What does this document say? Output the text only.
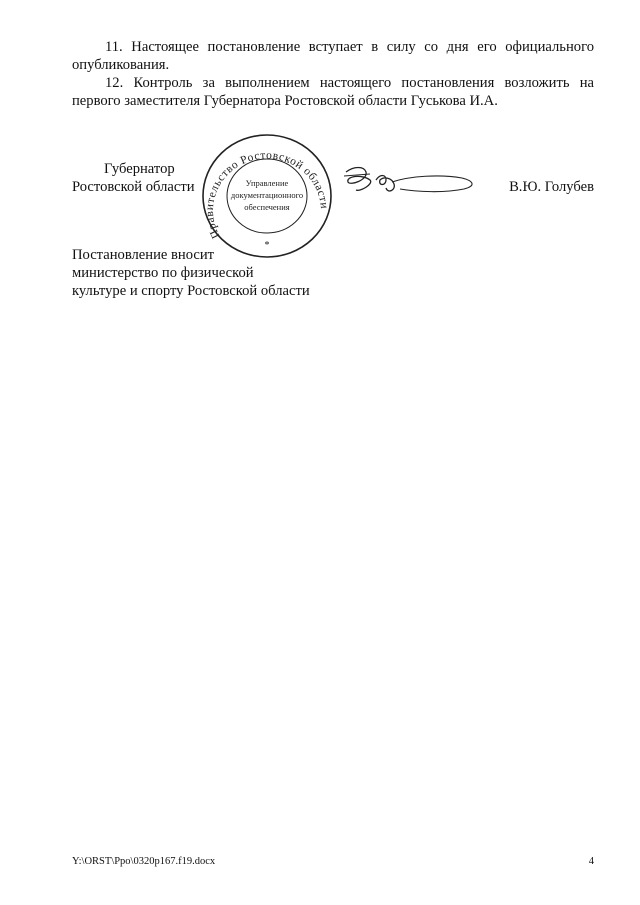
11. Настоящее постановление вступает в силу со дня его официального опубликования.

12. Контроль за выполнением настоящего постановления возложить на первого заместителя Губернатора Ростовской области Гуськова И.А.

Губернатор
Ростовской области
Правительство Ростовской области
Управление
документационного
обеспечения
*
В.Ю. Голубев
Постановление вносит
министерство по физической
культуре и спорту Ростовской области
Y:\ORST\Ppo\0320p167.f19.docx	4
